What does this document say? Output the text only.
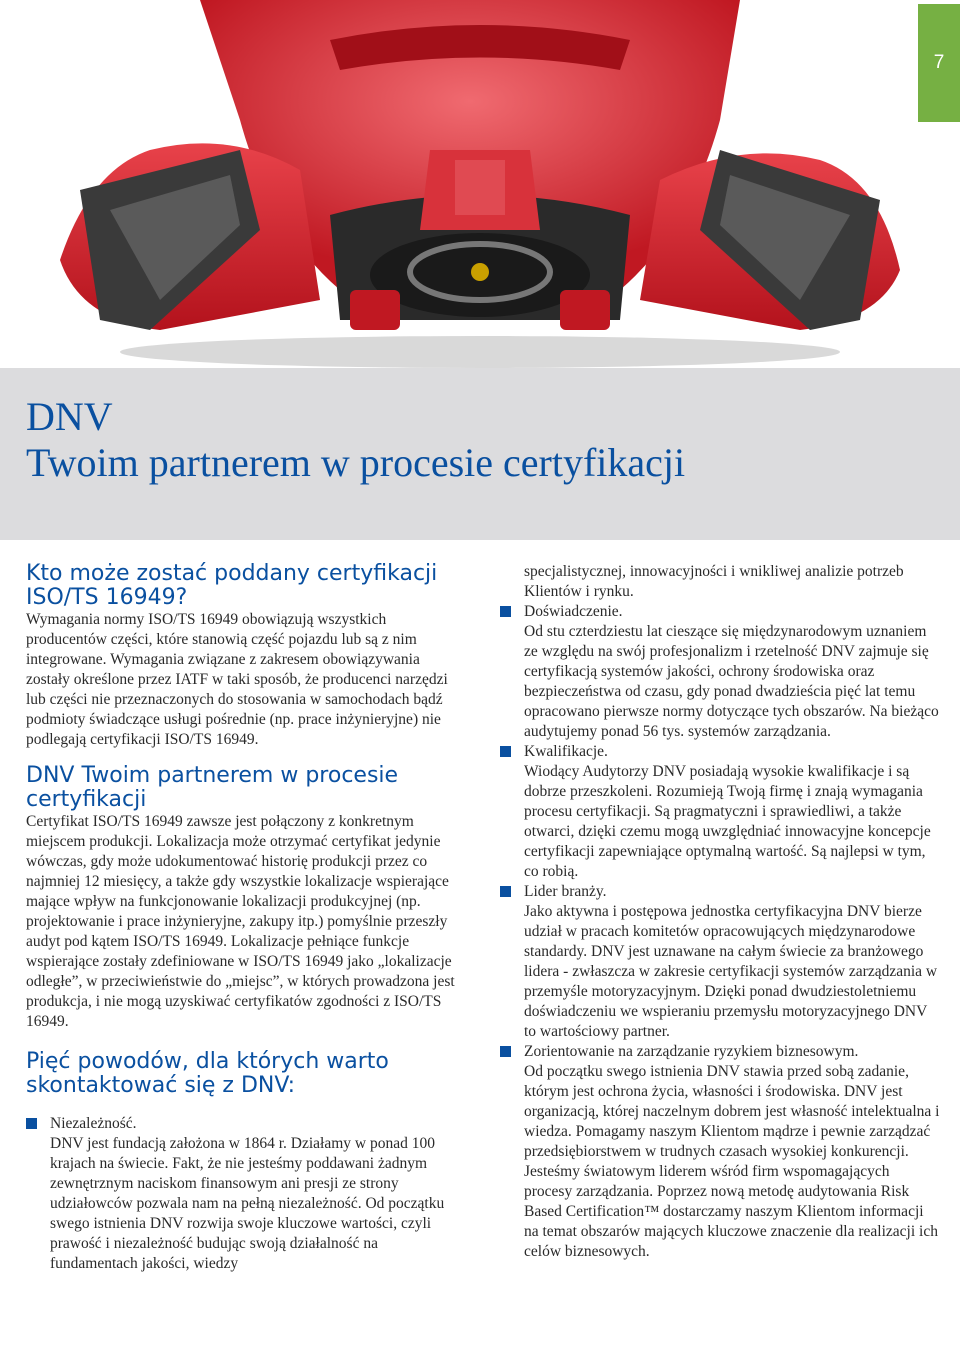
7
DNV
Twoim partnerem w procesie certyfikacji
Kto może zostać poddany certyfikacji ISO/TS 16949?

Wymagania normy ISO/TS 16949 obowiązują wszystkich producentów części, które stanowią część pojazdu lub są z nim integrowane. Wymagania związane z zakresem obowiązywania zostały określone przez IATF w taki sposób, że producenci narzędzi lub części nie przeznaczonych do stosowania w samochodach bądź podmioty świadczące usługi pośrednie (np. prace inżynieryjne) nie podlegają certyfikacji ISO/TS 16949.

DNV Twoim partnerem w procesie certyfikacji

Certyfikat ISO/TS 16949 zawsze jest połączony z konkretnym miejscem produkcji. Lokalizacja może otrzymać certyfikat jedynie wówczas, gdy może udokumentować historię produkcji przez co najmniej 12 miesięcy, a także gdy wszystkie lokalizacje wspierające mające wpływ na funkcjonowanie lokalizacji produkcyjnej (np. projektowanie i prace inżynieryjne, zakupy itp.) pomyślnie przeszły audyt pod kątem ISO/TS 16949. Lokalizacje pełniące funkcje wspierające zostały zdefiniowane w ISO/TS 16949 jako „lokalizacje odległe”, w przeciwieństwie do „miejsc”, w których prowadzona jest produkcja, i nie mogą uzyskiwać certyfikatów zgodności z ISO/TS 16949.

Pięć powodów, dla których warto skontaktować się z DNV:

Niezależność.

DNV jest fundacją założona w 1864 r. Działamy w ponad 100 krajach na świecie. Fakt, że nie jesteśmy poddawani żadnym zewnętrznym naciskom finansowym ani presji ze strony udziałowców pozwala nam na pełną niezależność. Od początku swego istnienia DNV rozwija swoje kluczowe wartości, czyli prawość i niezależność budując swoją działalność na fundamentach jakości, wiedzy

specjalistycznej, innowacyjności i wnikliwej analizie potrzeb Klientów i rynku.

Doświadczenie.

Od stu czterdziestu lat cieszące się międzynarodowym uznaniem ze względu na swój profesjonalizm i rzetelność DNV zajmuje się certyfikacją systemów jakości, ochrony środowiska oraz bezpieczeństwa od czasu, gdy ponad dwadzieścia pięć lat temu opracowano pierwsze normy dotyczące tych obszarów. Na bieżąco audytujemy ponad 56 tys. systemów zarządzania.

Kwalifikacje.

Wiodący Audytorzy DNV posiadają wysokie kwalifikacje i są dobrze przeszkoleni. Rozumieją Twoją firmę i znają wymagania procesu certyfikacji. Są pragmatyczni i sprawiedliwi, a także otwarci, dzięki czemu mogą uwzględniać innowacyjne koncepcje certyfikacji zapewniające optymalną wartość. Są najlepsi w tym, co robią.

Lider branży.

Jako aktywna i postępowa jednostka certyfikacyjna DNV bierze udział w pracach komitetów opracowujących międzynarodowe standardy. DNV jest uznawane na całym świecie za branżowego lidera - zwłaszcza w zakresie certyfikacji systemów zarządzania w przemyśle motoryzacyjnym. Dzięki ponad dwudziestoletniemu doświadczeniu we wspieraniu przemysłu motoryzacyjnego DNV to wartościowy partner.

Zorientowanie na zarządzanie ryzykiem biznesowym.

Od początku swego istnienia DNV stawia przed sobą zadanie, którym jest ochrona życia, własności i środowiska. DNV jest organizacją, której naczelnym dobrem jest własność intelektualna i wiedza. Pomagamy naszym Klientom mądrze i pewnie zarządzać przedsiębiorstwem w trudnych czasach wysokiej konkurencji. Jesteśmy światowym liderem wśród firm wspomagających procesy zarządzania. Poprzez nową metodę audytowania Risk Based Certification™ dostarczamy naszym Klientom informacji na temat obszarów mających kluczowe znaczenie dla realizacji ich celów biznesowych.
